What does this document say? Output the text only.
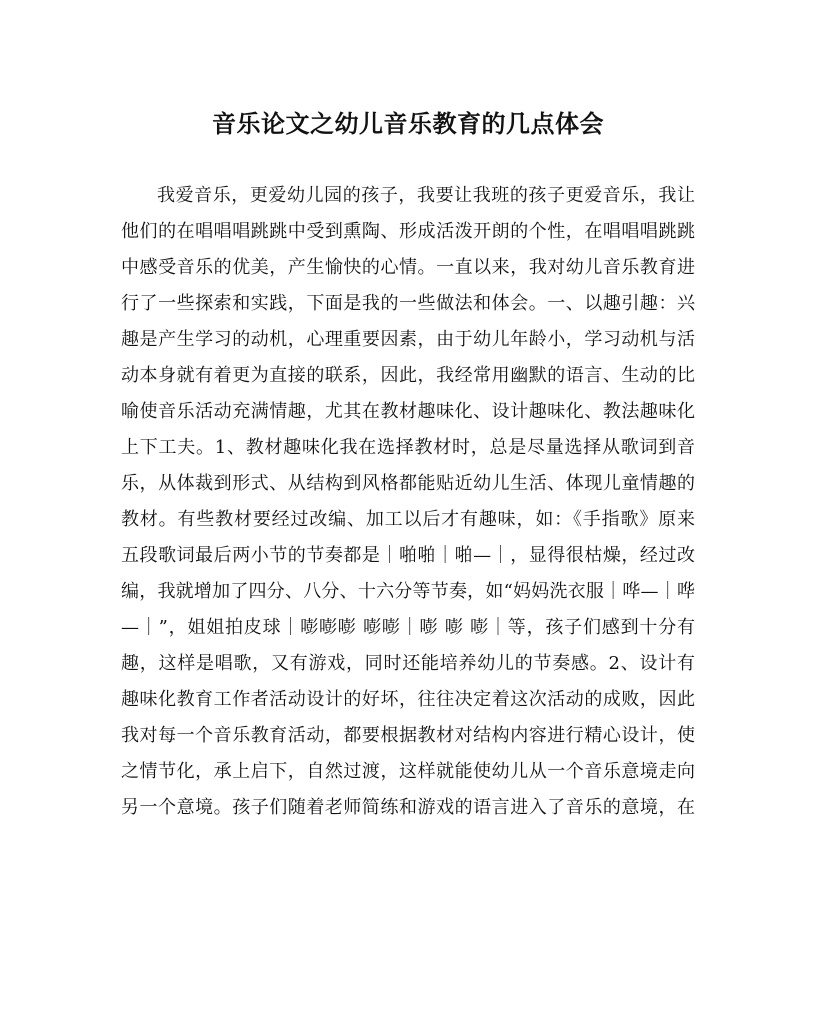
音乐论文之幼儿音乐教育的几点体会
我爱音乐，更爱幼儿园的孩子，我要让我班的孩子更爱音乐，我让
他们的在唱唱唱跳跳中受到熏陶、形成活泼开朗的个性，在唱唱唱跳跳
中感受音乐的优美，产生愉快的心情。一直以来，我对幼儿音乐教育进
行了一些探索和实践，下面是我的一些做法和体会。一、以趣引趣：兴
趣是产生学习的动机，心理重要因素，由于幼儿年龄小，学习动机与活
动本身就有着更为直接的联系，因此，我经常用幽默的语言、生动的比
喻使音乐活动充满情趣，尤其在教材趣味化、设计趣味化、教法趣味化
上下工夫。1、教材趣味化我在选择教材时，总是尽量选择从歌词到音
乐，从体裁到形式、从结构到风格都能贴近幼儿生活、体现儿童情趣的
教材。有些教材要经过改编、加工以后才有趣味，如：《手指歌》原来
五段歌词最后两小节的节奏都是｜啪啪｜啪—｜，显得很枯燥，经过改
编，我就增加了四分、八分、十六分等节奏，如“妈妈洗衣服｜哗—｜哗
—｜”，姐姐拍皮球｜嘭嘭嘭 嘭嘭｜嘭 嘭 嘭｜等，孩子们感到十分有
趣，这样是唱歌，又有游戏，同时还能培养幼儿的节奏感。2、设计有
趣味化教育工作者活动设计的好坏，往往决定着这次活动的成败，因此
我对每一个音乐教育活动，都要根据教材对结构内容进行精心设计，使
之情节化，承上启下，自然过渡，这样就能使幼儿从一个音乐意境走向
另一个意境。孩子们随着老师简练和游戏的语言进入了音乐的意境，在
